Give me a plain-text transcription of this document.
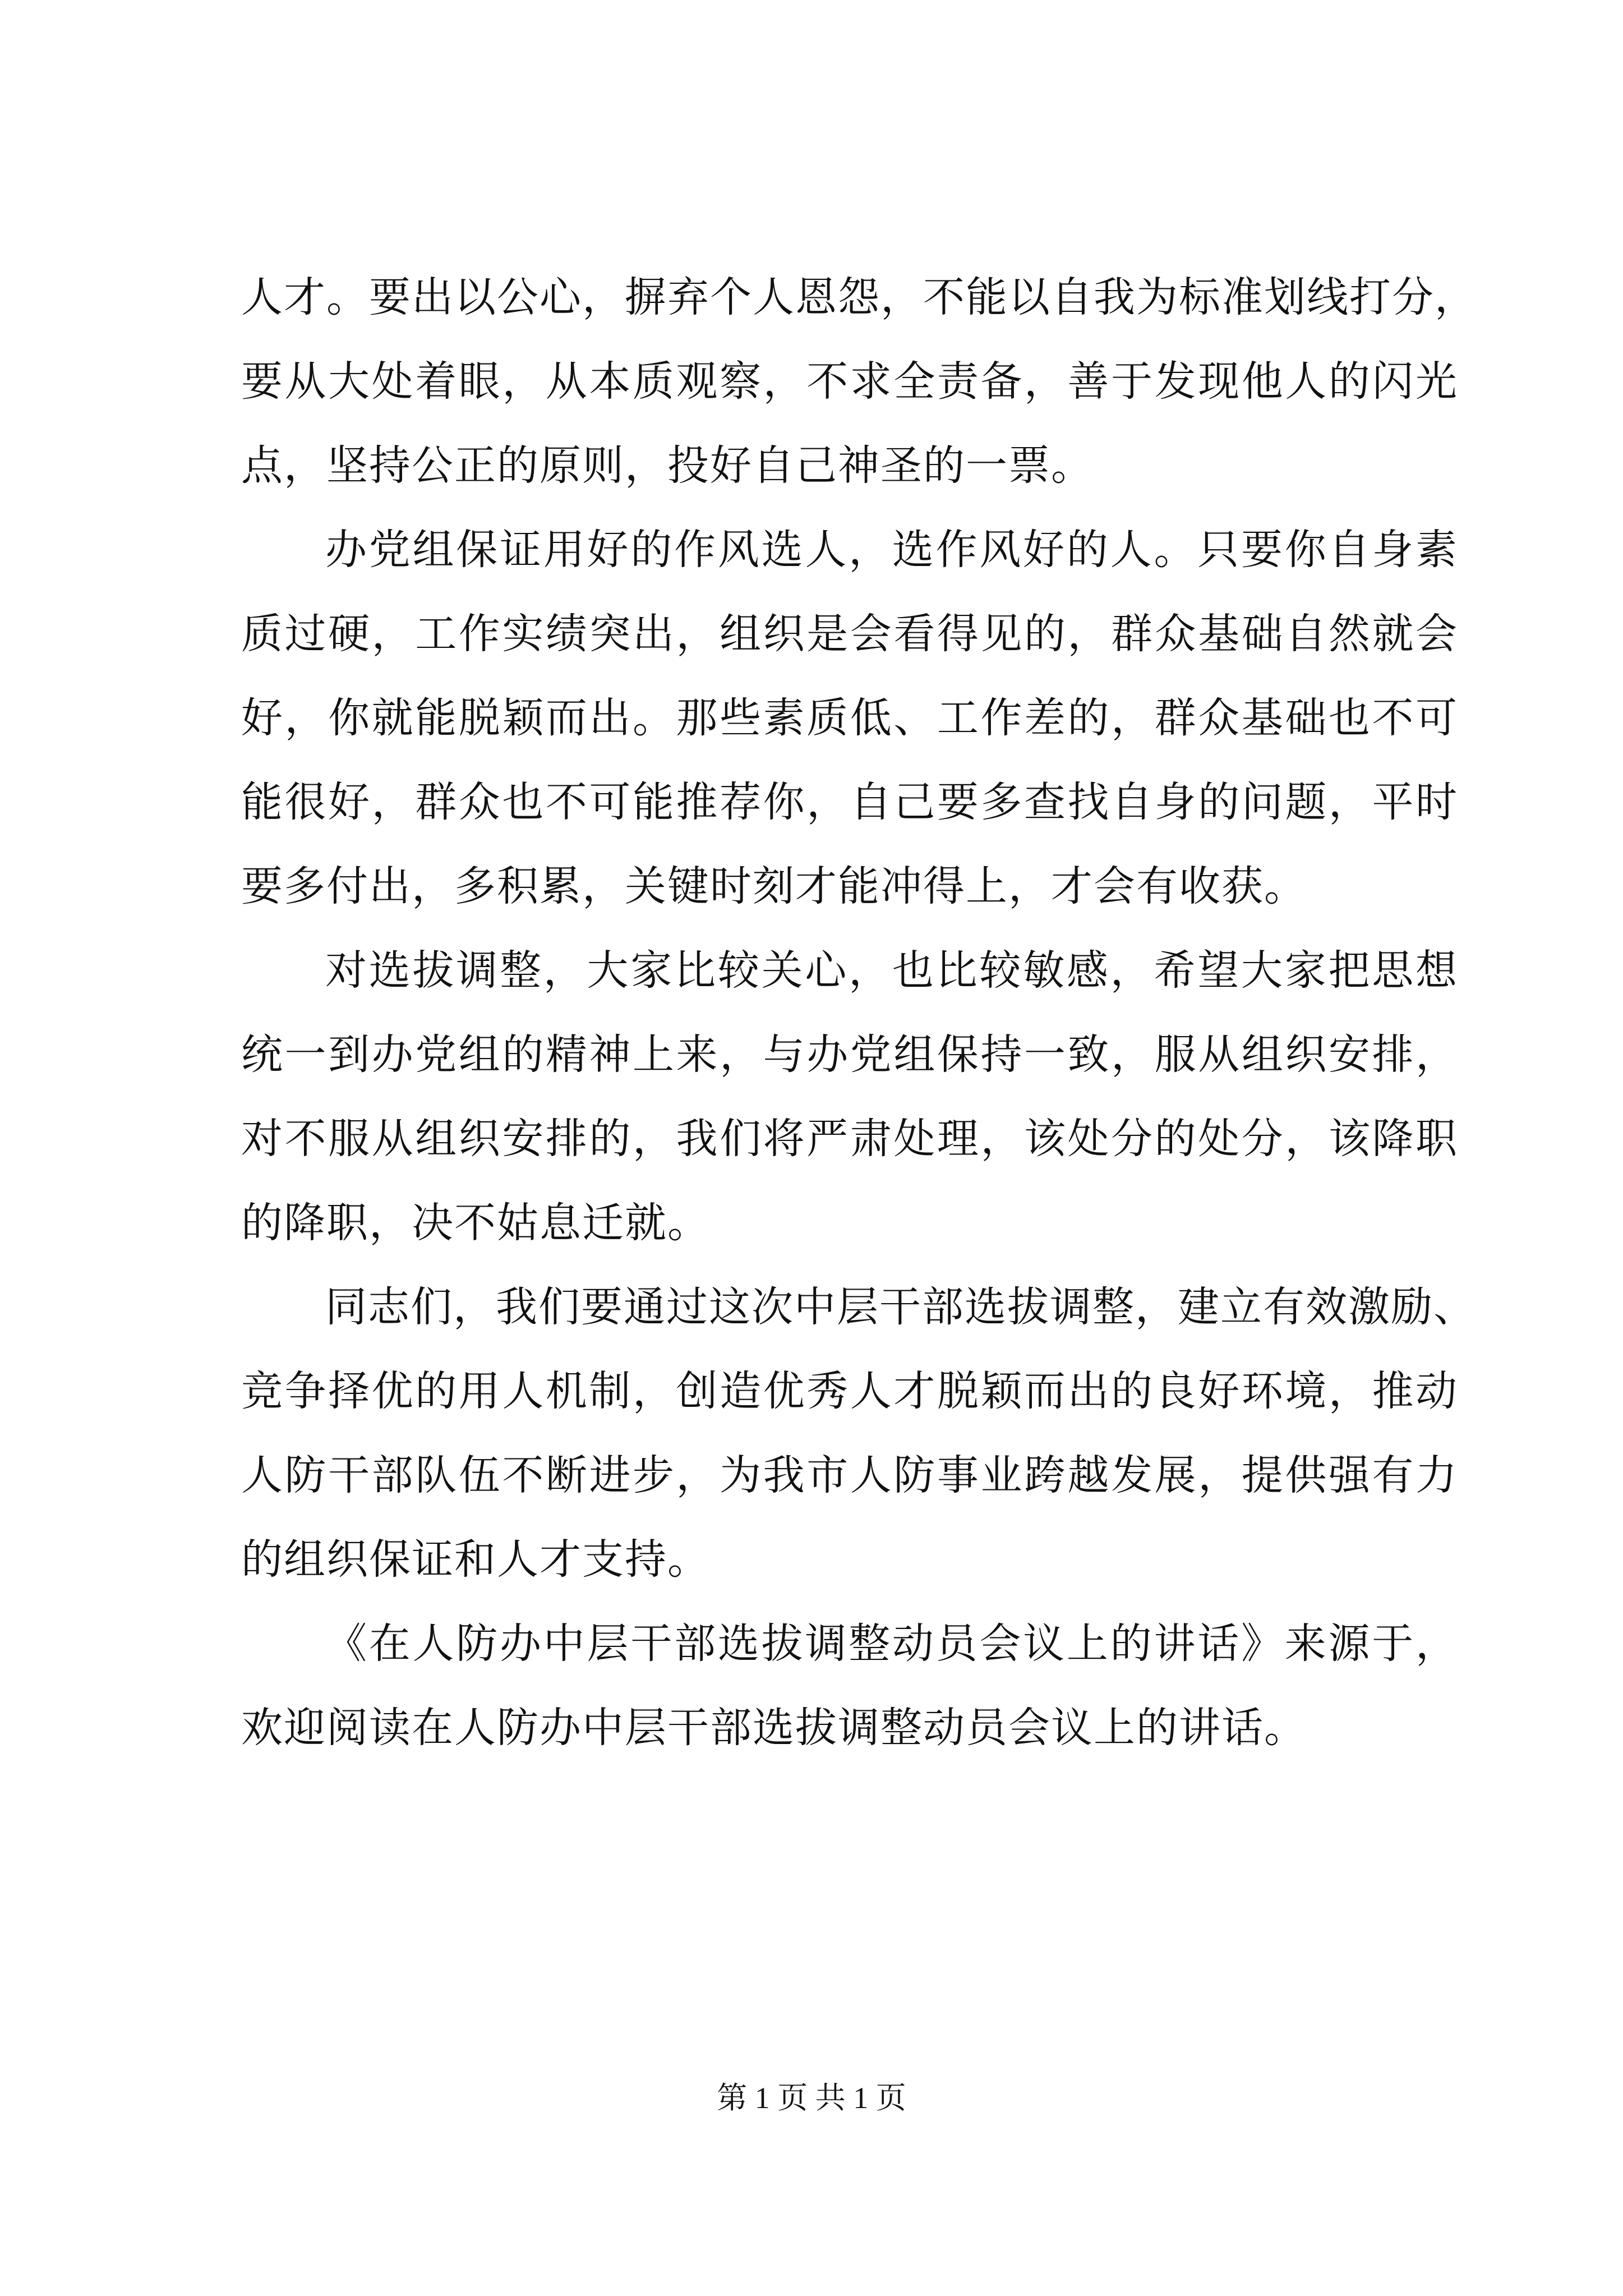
人才。要出以公心，摒弃个人恩怨，不能以自我为标准划线打分，
要从大处着眼，从本质观察，不求全责备，善于发现他人的闪光
点，坚持公正的原则，投好自己神圣的一票。
办党组保证用好的作风选人，选作风好的人。只要你自身素
质过硬，工作实绩突出，组织是会看得见的，群众基础自然就会
好，你就能脱颖而出。那些素质低、工作差的，群众基础也不可
能很好，群众也不可能推荐你，自己要多查找自身的问题，平时
要多付出，多积累，关键时刻才能冲得上，才会有收获。
对选拔调整，大家比较关心，也比较敏感，希望大家把思想
统一到办党组的精神上来，与办党组保持一致，服从组织安排，
对不服从组织安排的，我们将严肃处理，该处分的处分，该降职
的降职，决不姑息迁就。
同志们，我们要通过这次中层干部选拔调整，建立有效激励、
竞争择优的用人机制，创造优秀人才脱颖而出的良好环境，推动
人防干部队伍不断进步，为我市人防事业跨越发展，提供强有力
的组织保证和人才支持。
《在人防办中层干部选拔调整动员会议上的讲话》来源于，
欢迎阅读在人防办中层干部选拔调整动员会议上的讲话。
第 1 页 共 1 页
